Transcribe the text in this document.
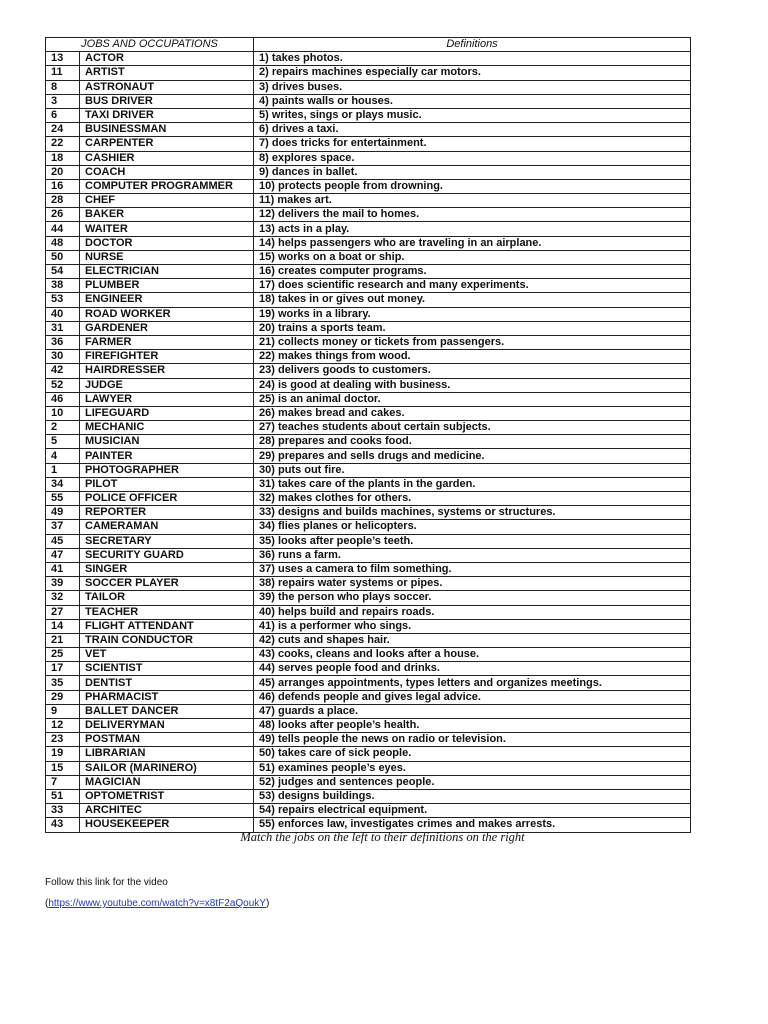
JOBS AND OCCUPATIONS		Definitions
13	ACTOR	1) takes photos.
11	ARTIST	2) repairs machines especially car motors.
8	ASTRONAUT	3) drives buses.
3	BUS DRIVER	4) paints walls or houses.
6	TAXI DRIVER	5) writes, sings or plays music.
24	BUSINESSMAN	6) drives a taxi.
22	CARPENTER	7) does tricks for entertainment.
18	CASHIER	8) explores space.
20	COACH	9) dances in ballet.
16	COMPUTER PROGRAMMER	10) protects people from drowning.
28	CHEF	11) makes art.
26	BAKER	12) delivers the mail to homes.
44	WAITER	13) acts in a play.
48	DOCTOR	14) helps passengers who are traveling in an airplane.
50	NURSE	15) works on a boat or ship.
54	ELECTRICIAN	16) creates computer programs.
38	PLUMBER	17) does scientific research and many experiments.
53	ENGINEER	18) takes in or gives out money.
40	ROAD WORKER	19) works in a library.
31	GARDENER	20) trains a sports team.
36	FARMER	21) collects money or tickets from passengers.
30	FIREFIGHTER	22) makes things from wood.
42	HAIRDRESSER	23) delivers goods to customers.
52	JUDGE	24) is good at dealing with business.
46	LAWYER	25) is an animal doctor.
10	LIFEGUARD	26) makes bread and cakes.
2	MECHANIC	27) teaches students about certain subjects.
5	MUSICIAN	28) prepares and cooks food.
4	PAINTER	29) prepares and sells drugs and medicine.
1	PHOTOGRAPHER	30) puts out fire.
34	PILOT	31) takes care of the plants in the garden.
55	POLICE OFFICER	32) makes clothes for others.
49	REPORTER	33) designs and builds machines, systems or structures.
37	CAMERAMAN	34) flies planes or helicopters.
45	SECRETARY	35) looks after people’s teeth.
47	SECURITY GUARD	36) runs a farm.
41	SINGER	37) uses a camera to film something.
39	SOCCER PLAYER	38) repairs water systems or pipes.
32	TAILOR	39) the person who plays soccer.
27	TEACHER	40) helps build and repairs roads.
14	FLIGHT ATTENDANT	41) is a performer who sings.
21	TRAIN CONDUCTOR	42) cuts and shapes hair.
25	VET	43) cooks, cleans and looks after a house.
17	SCIENTIST	44) serves people food and drinks.
35	DENTIST	45) arranges appointments, types letters and organizes meetings.
29	PHARMACIST	46) defends people and gives legal advice.
9	BALLET DANCER	47) guards a place.
12	DELIVERYMAN	48) looks after people’s health.
23	POSTMAN	49) tells people the news on radio or television.
19	LIBRARIAN	50) takes care of sick people.
15	SAILOR (MARINERO)	51) examines people’s eyes.
7	MAGICIAN	52) judges and sentences people.
51	OPTOMETRIST	53) designs buildings.
33	ARCHITEC	54) repairs electrical equipment.
43	HOUSEKEEPER	55) enforces law, investigates crimes and makes arrests.
Match the jobs on the left to their definitions on the right
Follow this link for the video
(https://www.youtube.com/watch?v=x8tF2aQoukY)
